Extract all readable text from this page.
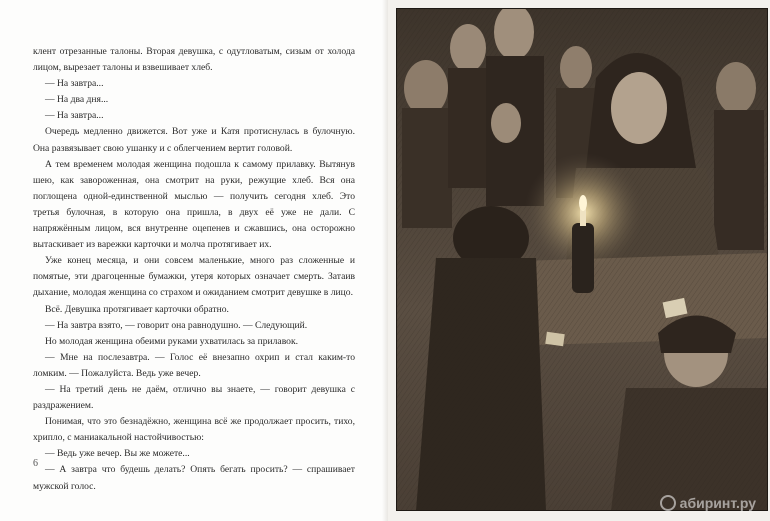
клент отрезанные талоны. Вторая девушка, с одутловатым, сизым от холода лицом, вырезает талоны и взвешивает хлеб.

— На завтра...

— На два дня...

— На завтра...

Очередь медленно движется. Вот уже и Катя протиснулась в булочную. Она развязывает свою ушанку и с облегчением вертит головой.

А тем временем молодая женщина подошла к самому прилавку. Вытянув шею, как завороженная, она смотрит на руки, режущие хлеб. Вся она поглощена одной-единственной мыслью — получить сегодня хлеб. Это третья булочная, в которую она пришла, в двух её уже не дали. С напряжённым лицом, вся внутренне оцепенев и сжавшись, она осторожно вытаскивает из варежки карточки и молча протягивает их.

Уже конец месяца, и они совсем маленькие, много раз сложенные и помятые, эти драгоценные бумажки, утеря которых означает смерть. Затаив дыхание, молодая женщина со страхом и ожиданием смотрит девушке в лицо.

Всё. Девушка протягивает карточки обратно.

— На завтра взято, — говорит она равнодушно. — Следующий.

Но молодая женщина обеими руками ухватилась за прилавок.

— Мне на послезавтра. — Голос её внезапно охрип и стал каким-то ломким. — Пожалуйста. Ведь уже вечер.

— На третий день не даём, отлично вы знаете, — говорит девушка с раздражением.

Понимая, что это безнадёжно, женщина всё же продолжает просить, тихо, хрипло, с маниакальной настойчивостью:

— Ведь уже вечер. Вы же можете...

— А завтра что будешь делать? Опять бегать просить? — спрашивает мужской голос.

6
абиринт.ру
